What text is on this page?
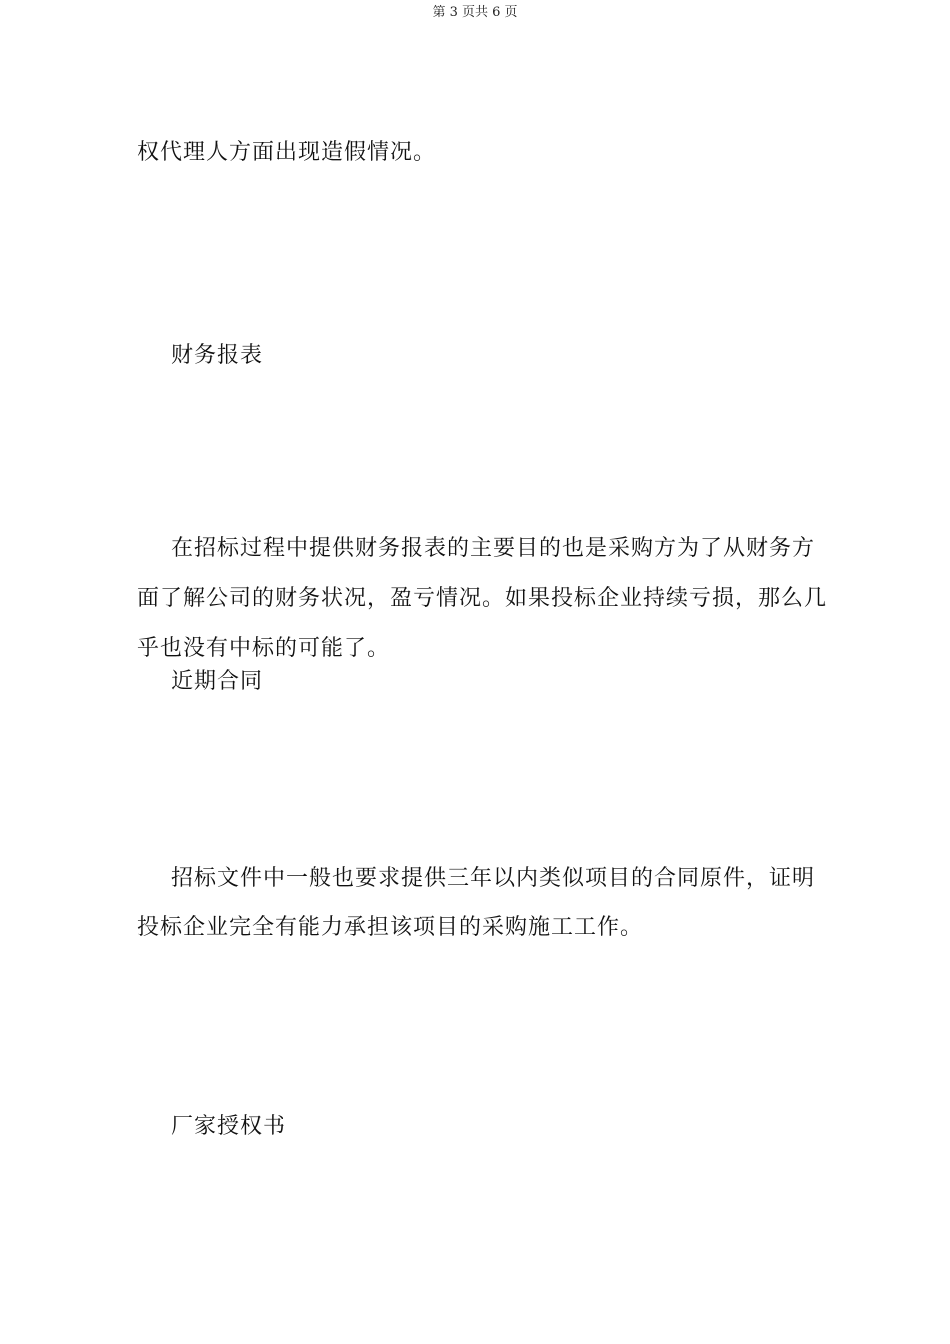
第 3 页共 6 页
权代理人方面出现造假情况。
财务报表
在招标过程中提供财务报表的主要目的也是采购方为了从财务方
面了解公司的财务状况，盈亏情况。如果投标企业持续亏损，那么几
乎也没有中标的可能了。
近期合同
招标文件中一般也要求提供三年以内类似项目的合同原件，证明
投标企业完全有能力承担该项目的采购施工工作。
厂家授权书
